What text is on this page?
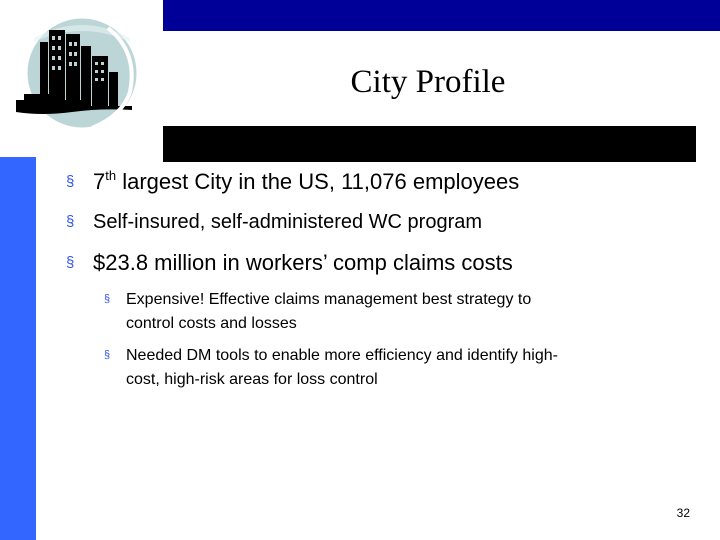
City Profile
§ 7th largest City in the US, 11,076 employees
§ Self-insured, self-administered WC program
§ $23.8 million in workers’ comp claims costs
§ Expensive! Effective claims management best strategy to
control costs and losses
§ Needed DM tools to enable more efficiency and identify high-
cost, high-risk areas for loss control
32
